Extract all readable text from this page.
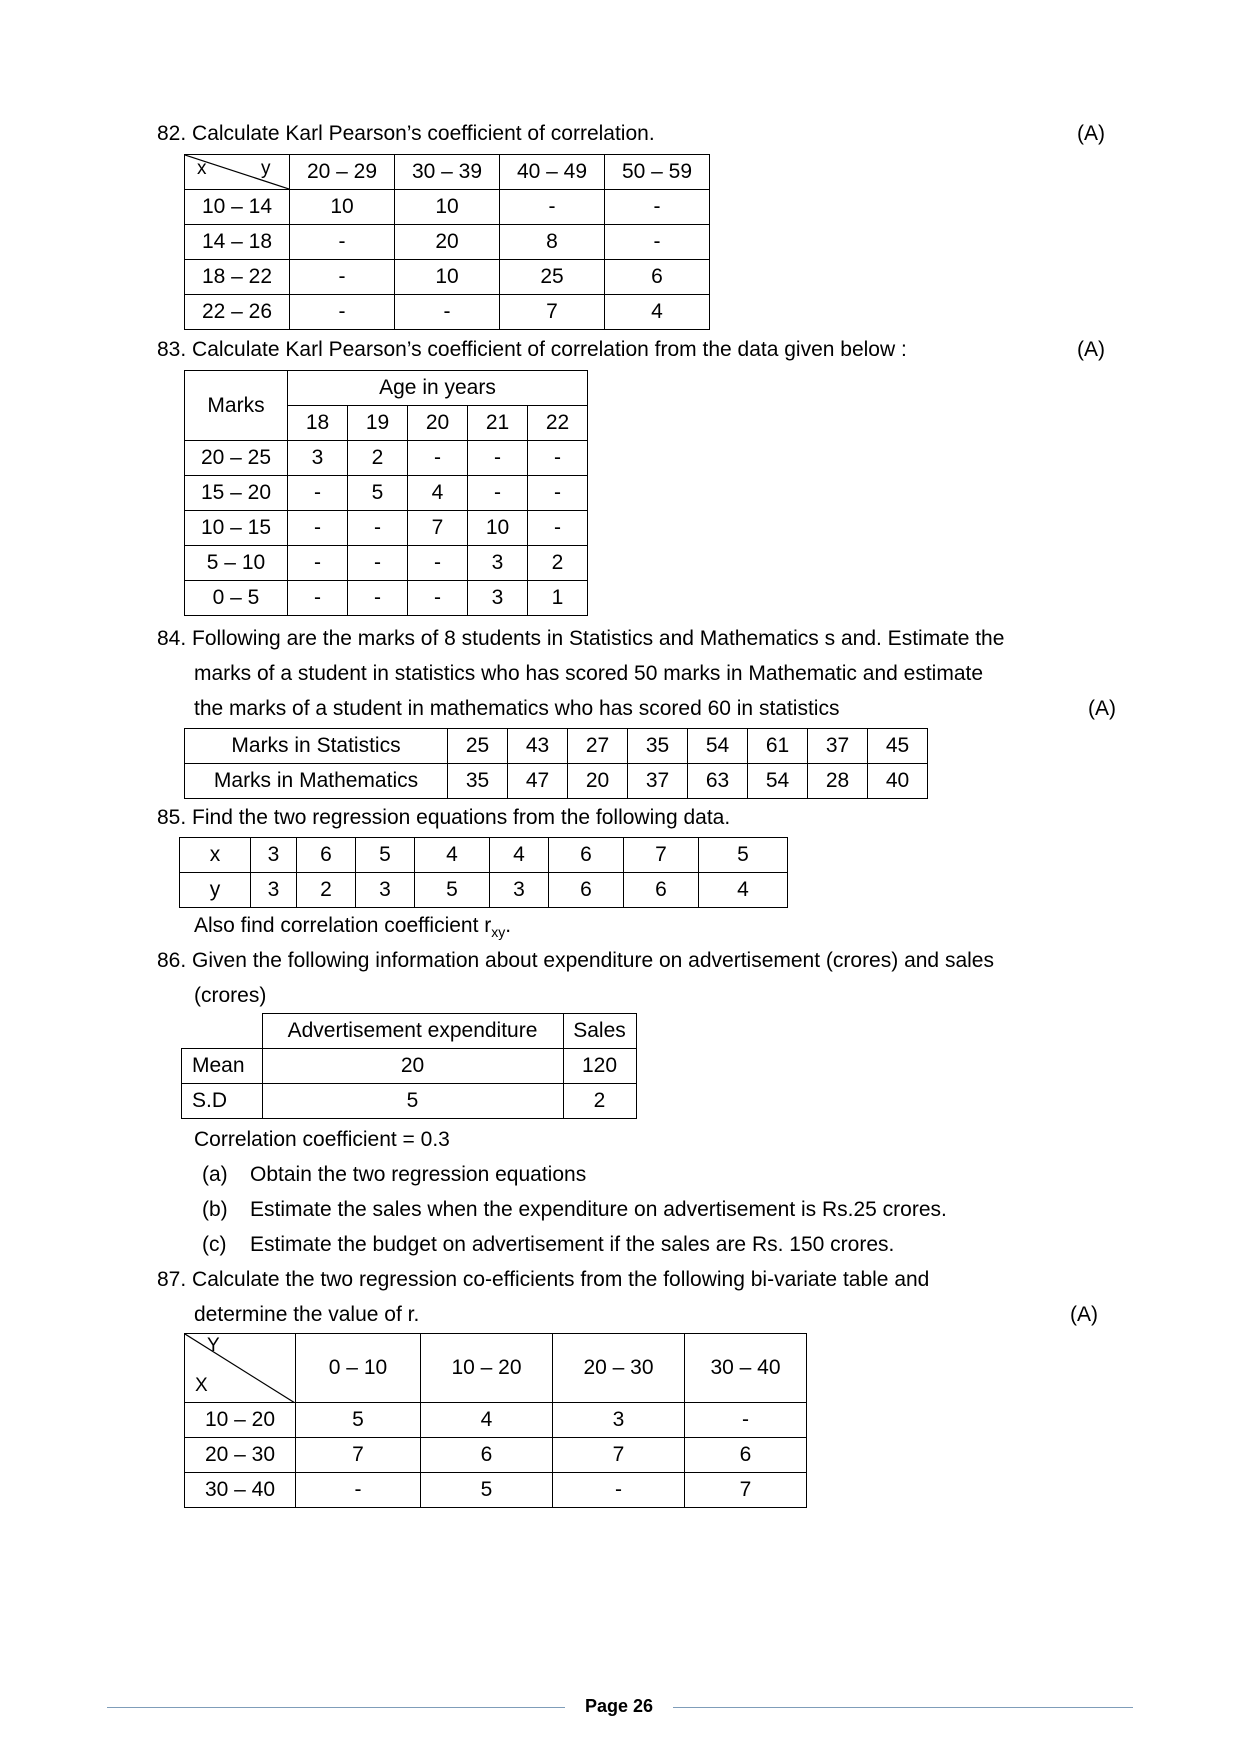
82. Calculate Karl Pearson’s coefficient of correlation.	(A)
x y	20 – 29	30 – 39	40 – 49	50 – 59
10 – 14	10	10	-	-
14 – 18	-	20	8	-
18 – 22	-	10	25	6
22 – 26	-	-	7	4
83. Calculate Karl Pearson’s coefficient of correlation from the data given below :	(A)
Marks	Age in years				
	18	19	20	21	22
20 – 25	3	2	-	-	-
15 – 20	-	5	4	-	-
10 – 15	-	-	7	10	-
5 – 10	-	-	-	3	2
0 – 5	-	-	-	3	1
84. Following are the marks of 8 students in Statistics and Mathematics s and. Estimate the
marks of a student in statistics who has scored 50 marks in Mathematic and estimate
the marks of a student in mathematics who has scored 60 in statistics	(A)
Marks in Statistics	25	43	27	35	54	61	37	45
Marks in Mathematics	35	47	20	37	63	54	28	40
85. Find the two regression equations from the following data.
x	3	6	5	4	4	6	7	5
y	3	2	3	5	3	6	6	4
Also find correlation coefficient $r_{xy}$.
86. Given the following information about expenditure on advertisement (crores) and sales
(crores)
	Advertisement expenditure	Sales
Mean	20	120
S.D	5	2
Correlation coefficient = 0.3
(a) Obtain the two regression equations
(b) Estimate the sales when the expenditure on advertisement is Rs.25 crores.
(c) Estimate the budget on advertisement if the sales are Rs. 150 crores.
87. Calculate the two regression co-efficients from the following bi-variate table and
determine the value of r.	(A)
Y
X	0 – 10	10 – 20	20 – 30	30 – 40
10 – 20	5	4	3	-
20 – 30	7	6	7	6
30 – 40	-	5	-	7
Page 26
